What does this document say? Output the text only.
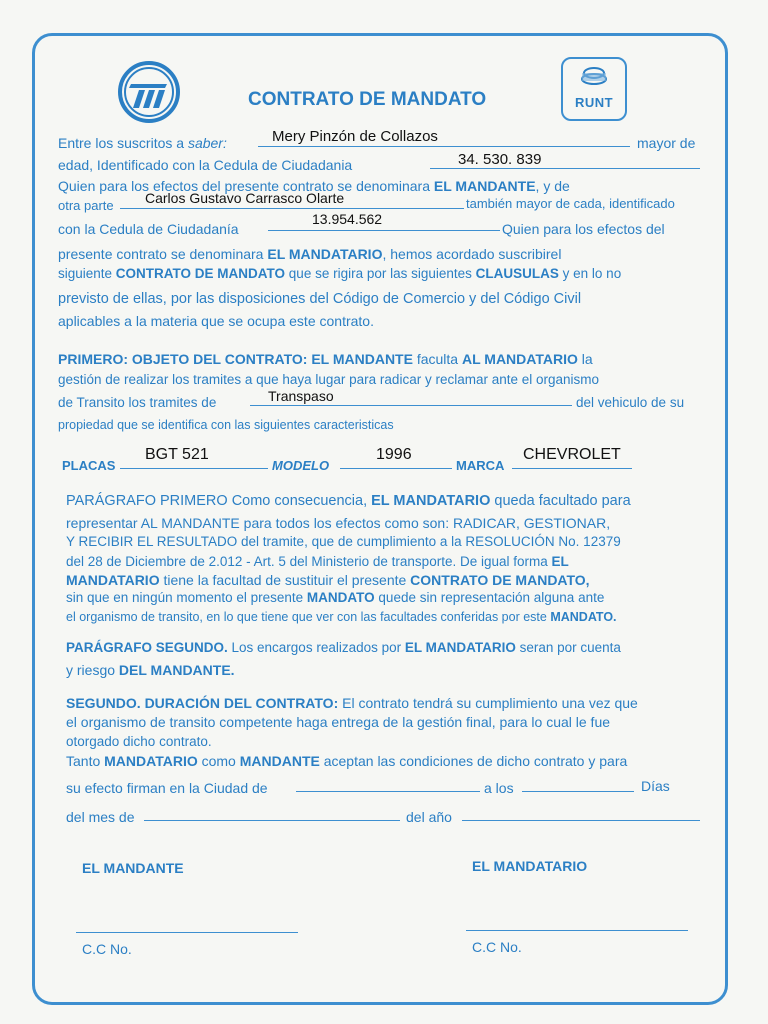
RUNT
CONTRATO DE MANDATO
Entre los suscritos a saber:	Mery Pinzón de Collazos	mayor de
edad, Identificado con la Cedula de Ciudadania	34. 530. 839
Quien para los efectos del presente contrato se denominara EL MANDANTE, y de
otra parte Carlos Gustavo Carrasco Olarte	también mayor de cada, identificado
con la Cedula de Ciudadanía
13.954.562
Quien para los efectos del
presente contrato se denominara EL MANDATARIO, hemos acordado suscribirel
siguiente CONTRATO DE MANDATO que se rigira por las siguientes CLAUSULAS y en lo no
previsto de ellas, por las disposiciones del Código de Comercio y del Código Civil
aplicables a la materia que se ocupa este contrato.
PRIMERO: OBJETO DEL CONTRATO: EL MANDANTE faculta AL MANDATARIO la
gestión de realizar los tramites a que haya lugar para radicar y reclamar ante el organismo
de Transito los tramites de	Transpaso	del vehiculo de su
propiedad que se identifica con las siguientes caracteristicas
PLACAS
BGT 521
MODELO
1996
MARCA
CHEVROLET
PARÁGRAFO PRIMERO Como consecuencia, EL MANDATARIO queda facultado para
representar AL MANDANTE para todos los efectos como son: RADICAR, GESTIONAR,
Y RECIBIR EL RESULTADO del tramite, que de cumplimiento a la RESOLUCIÓN No. 12379
del 28 de Diciembre de 2.012 - Art. 5 del Ministerio de transporte. De igual forma EL
MANDATARIO tiene la facultad de sustituir el presente CONTRATO DE MANDATO,
sin que en ningún momento el presente MANDATO quede sin representación alguna ante
el organismo de transito, en lo que tiene que ver con las facultades conferidas por este MANDATO.
PARÁGRAFO SEGUNDO. Los encargos realizados por EL MANDATARIO seran por cuenta
y riesgo DEL MANDANTE.
SEGUNDO. DURACIÓN DEL CONTRATO: El contrato tendrá su cumplimiento una vez que
el organismo de transito competente haga entrega de la gestión final, para lo cual le fue
otorgado dicho contrato.
Tanto MANDATARIO como MANDANTE aceptan las condiciones de dicho contrato y para
su efecto firman en la Ciudad de	a los	Días
del mes de	del año
EL MANDANTE	EL MANDATARIO
C.C No.	C.C No.
